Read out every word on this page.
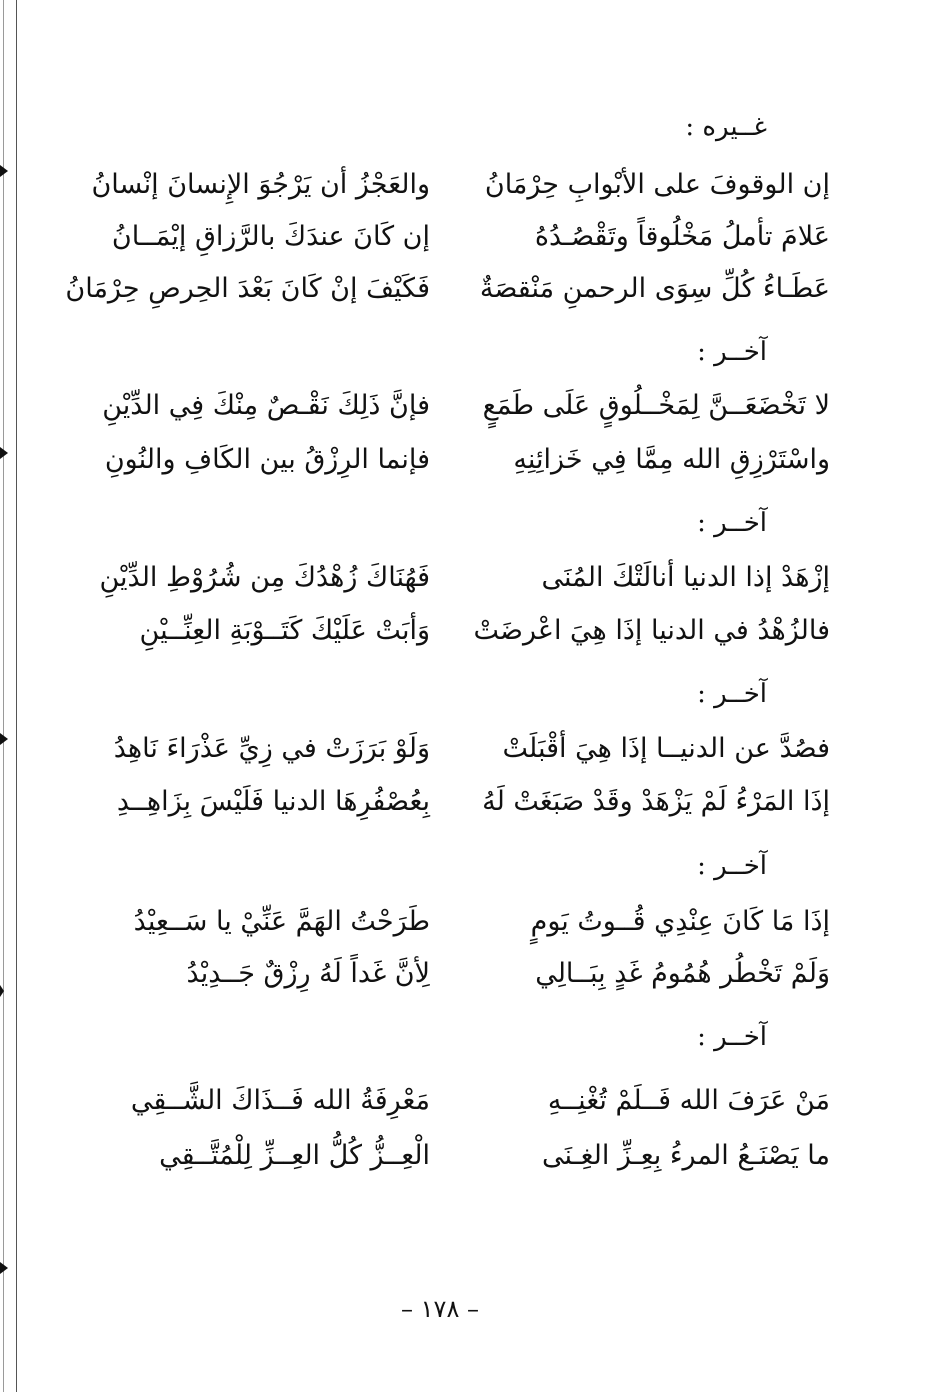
غــيره :
إن الوقوفَ على الأبْوابِ حِرْمَانُ
والعَجْزُ أن يَرْجُوَ الإِنسانَ إنْسانُ
عَلامَ تأملُ مَخْلُوقاً وتَقْصُـدُهُ
إن كَانَ عندَكَ بالرَّزاقِ إيْمَــانُ
عَطَـاءُ كُلِّ سِوَى الرحمنِ مَنْقصَةٌ
فَكَيْفَ إنْ كَانَ بَعْدَ الحِرصِ حِرْمَانُ
آخــر :
لا تَخْضَعَــنَّ لِمَخْــلُوقٍ عَلَى طَمَعٍ
فإنَّ ذَلِكَ نَقْـصٌ مِنْكَ فِي الدِّيْنِ
واسْتَرْزِقِ الله مِمَّا فِي خَزائِنِهِ
فإنما الرِزْقُ بين الكَافِ والنُونِ
آخــر :
إزْهَدْ إذا الدنيا أنالَتْكَ المُنَى
فَهُنَاكَ زُهْدُكَ مِن شُرُوْطِ الدِّيْنِ
فالزُهْدُ في الدنيا إذَا هِيَ اعْرضَتْ
وَأبَتْ عَلَيْكَ كَتَــوْبَةِ العِنِّــيْنِ
آخــر :
فصُدَّ عن الدنيــا إذَا هِيَ أقْبَلَتْ
وَلَوْ بَرَزَتْ في زِيِّ عَذْرَاءَ نَاهِدُ
إذَا المَرْءُ لَمْ يَزْهَدْ وقَدْ صَبَغَتْ لَهُ
بِعُصْفُرِهَا الدنيا فَلَيْسَ بِزَاهِــدِ
آخــر :
إذَا مَا كَانَ عِنْدِي قُــوتُ يَومٍ
طَرَحْتُ الهَمَّ عَنِّيْ يا سَــعِيْدُ
وَلَمْ تَخْطُر هُمُومُ غَدٍ بِبَــالِي
لِأنَّ غَداً لَهُ رِزْقٌ جَــدِيْدُ
آخــر :
مَنْ عَرَفَ الله فَــلَمْ تُغْنِــهِ
مَعْرِفَةُ الله فَــذَاكَ الشَّــقِي
ما يَصْنَـعُ المرءُ بِعِـزِّ الغِـنَى
الْعِــزُّ كُلُّ العِــزِّ لِلْمُتَّــقِي
– ١٧٨ –
